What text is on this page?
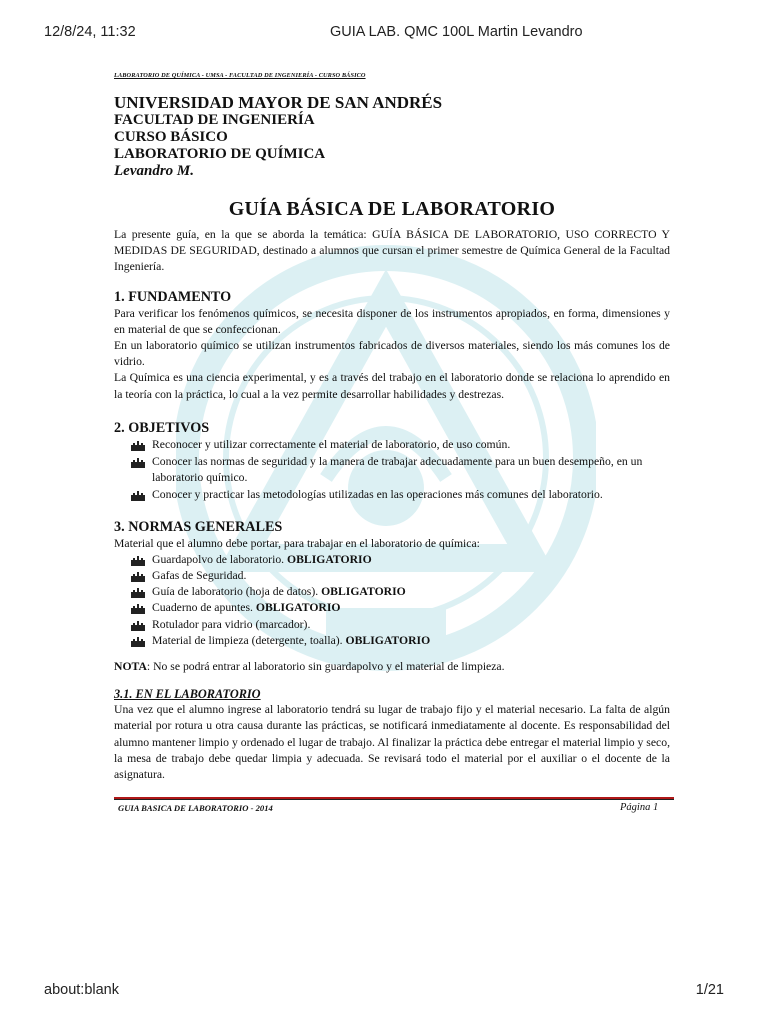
12/8/24, 11:32	GUIA LAB. QMC 100L Martin Levandro
LABORATORIO DE QUÍMICA - UMSA - FACULTAD DE INGENIERÍA - CURSO BÁSICO
UNIVERSIDAD MAYOR DE SAN ANDRÉS
FACULTAD DE INGENIERÍA
CURSO BÁSICO
LABORATORIO DE QUÍMICA
Levandro M.
GUÍA BÁSICA DE LABORATORIO

La presente guía, en la que se aborda la temática: GUÍA BÁSICA DE LABORATORIO, USO CORRECTO Y MEDIDAS DE SEGURIDAD, destinado a alumnos que cursan el primer semestre de Química General de la Facultad Ingeniería.

1. FUNDAMENTO

Para verificar los fenómenos químicos, se necesita disponer de los instrumentos apropiados, en forma, dimensiones y en material de que se confeccionan.

En un laboratorio químico se utilizan instrumentos fabricados de diversos materiales, siendo los más comunes los de vidrio.

La Química es una ciencia experimental, y es a través del trabajo en el laboratorio donde se relaciona lo aprendido en la teoría con la práctica, lo cual a la vez permite desarrollar habilidades y destrezas.

2. OBJETIVOS
Reconocer y utilizar correctamente el material de laboratorio, de uso común.
Conocer las normas de seguridad y la manera de trabajar adecuadamente para un buen desempeño, en un laboratorio químico.
Conocer y practicar las metodologías utilizadas en las operaciones más comunes del laboratorio.
3. NORMAS GENERALES

Material que el alumno debe portar, para trabajar en el laboratorio de química:

Guardapolvo de laboratorio. OBLIGATORIO
Gafas de Seguridad.
Guía de laboratorio (hoja de datos). OBLIGATORIO
Cuaderno de apuntes. OBLIGATORIO
Rotulador para vidrio (marcador).
Material de limpieza (detergente, toalla). OBLIGATORIO

NOTA: No se podrá entrar al laboratorio sin guardapolvo y el material de limpieza.

3.1. EN EL LABORATORIO

Una vez que el alumno ingrese al laboratorio tendrá su lugar de trabajo fijo y el material necesario. La falta de algún material por rotura u otra causa durante las prácticas, se notificará inmediatamente al docente. Es responsabilidad del alumno mantener limpio y ordenado el lugar de trabajo. Al finalizar la práctica debe entregar el material limpio y seco, la mesa de trabajo debe quedar limpia y adecuada. Se revisará todo el material por el auxiliar o el docente de la asignatura.

GUIA BASICA DE LABORATORIO - 2014	Página 1
about:blank	1/21
